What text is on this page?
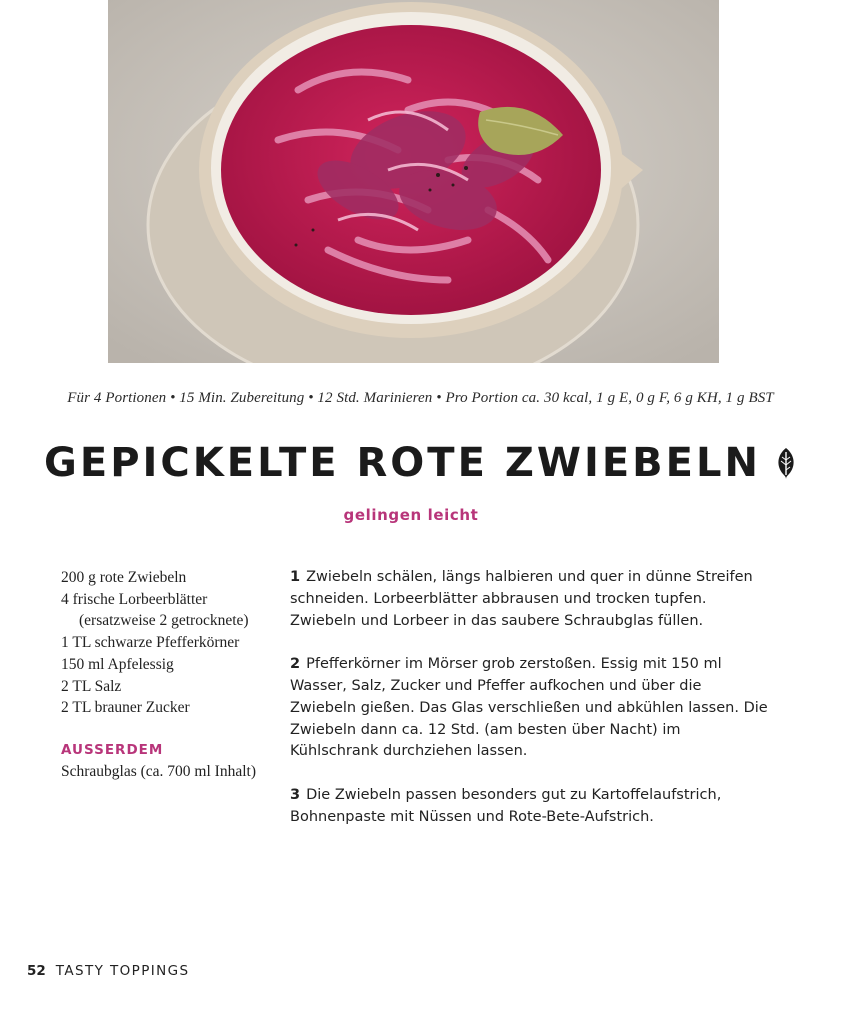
Für 4 Portionen • 15 Min. Zubereitung • 12 Std. Marinieren • Pro Portion ca. 30 kcal, 1 g E, 0 g F, 6 g KH, 1 g BST
GEPICKELTE ROTE ZWIEBELN
gelingen leicht
200 g rote Zwiebeln
4 frische Lorbeerblätter (ersatzweise 2 getrocknete)
1 TL schwarze Pfefferkörner
150 ml Apfelessig
2 TL Salz
2 TL brauner Zucker
AUSSERDEM
Schraubglas (ca. 700 ml Inhalt)
1 Zwiebeln schälen, längs halbieren und quer in dünne Streifen schneiden. Lorbeerblätter abbrausen und trocken tupfen. Zwiebeln und Lorbeer in das saubere Schraubglas füllen.
2 Pfefferkörner im Mörser grob zerstoßen. Essig mit 150 ml Wasser, Salz, Zucker und Pfeffer aufkochen und über die Zwiebeln gießen. Das Glas verschließen und abkühlen lassen. Die Zwiebeln dann ca. 12 Std. (am besten über Nacht) im Kühlschrank durchziehen lassen.
3 Die Zwiebeln passen besonders gut zu Kartoffelaufstrich, Bohnenpaste mit Nüssen und Rote-Bete-Aufstrich.
52 TASTY TOPPINGS
